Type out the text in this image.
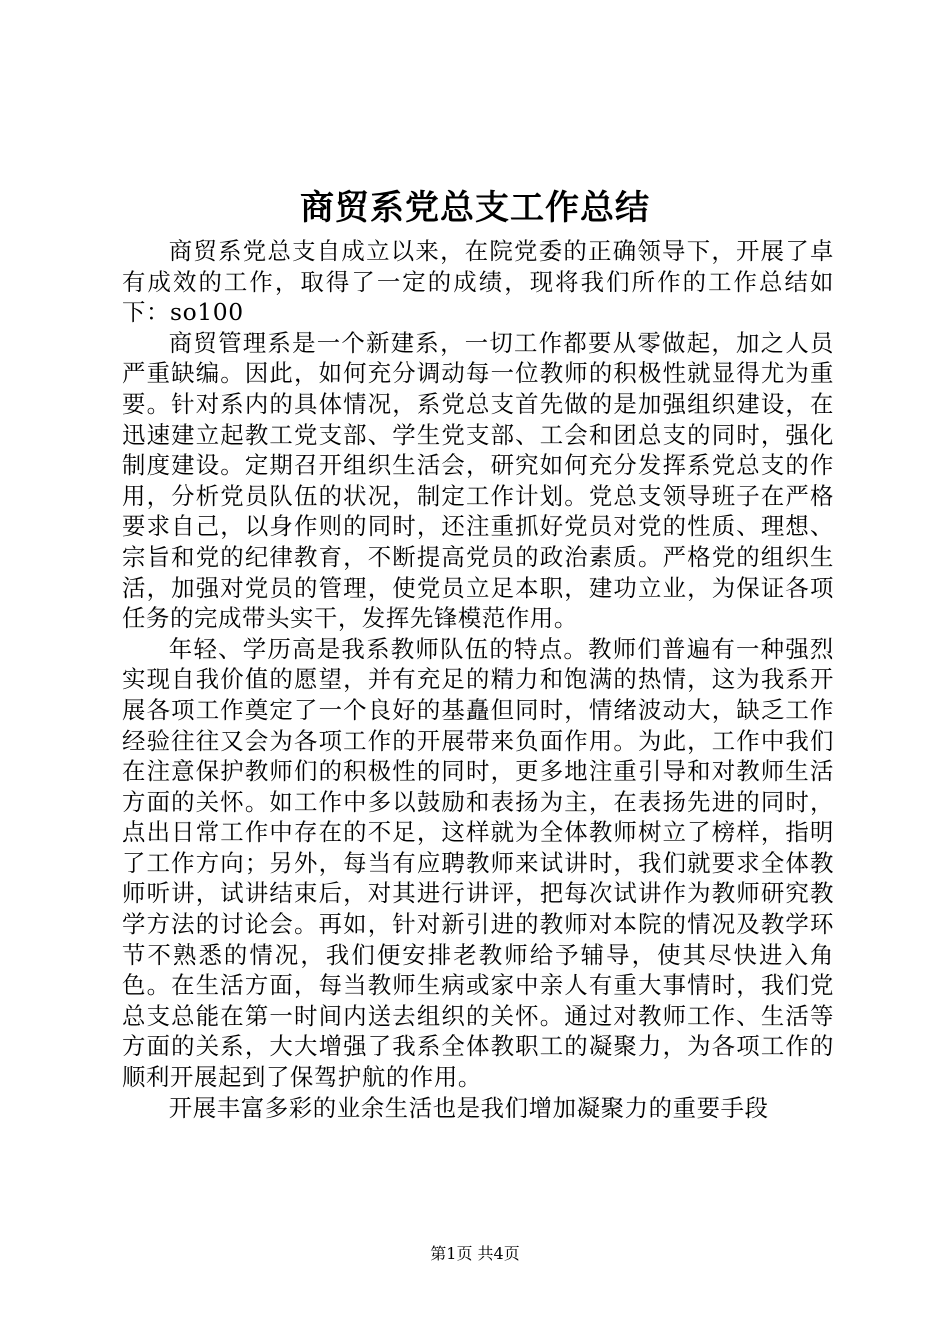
商贸系党总支工作总结

商贸系党总支自成立以来，在院党委的正确领导下，开展了卓有成效的工作，取得了一定的成绩，现将我们所作的工作总结如下：so100

商贸管理系是一个新建系，一切工作都要从零做起，加之人员严重缺编。因此，如何充分调动每一位教师的积极性就显得尤为重要。针对系内的具体情况，系党总支首先做的是加强组织建设，在迅速建立起教工党支部、学生党支部、工会和团总支的同时，强化制度建设。定期召开组织生活会，研究如何充分发挥系党总支的作用，分析党员队伍的状况，制定工作计划。党总支领导班子在严格要求自己，以身作则的同时，还注重抓好党员对党的性质、理想、宗旨和党的纪律教育，不断提高党员的政治素质。严格党的组织生活，加强对党员的管理，使党员立足本职，建功立业，为保证各项任务的完成带头实干，发挥先锋模范作用。

年轻、学历高是我系教师队伍的特点。教师们普遍有一种强烈实现自我价值的愿望，并有充足的精力和饱满的热情，这为我系开展各项工作奠定了一个良好的基矗但同时，情绪波动大，缺乏工作经验往往又会为各项工作的开展带来负面作用。为此，工作中我们在注意保护教师们的积极性的同时，更多地注重引导和对教师生活方面的关怀。如工作中多以鼓励和表扬为主，在表扬先进的同时，点出日常工作中存在的不足，这样就为全体教师树立了榜样，指明了工作方向；另外，每当有应聘教师来试讲时，我们就要求全体教师听讲，试讲结束后，对其进行讲评，把每次试讲作为教师研究教学方法的讨论会。再如，针对新引进的教师对本院的情况及教学环节不熟悉的情况，我们便安排老教师给予辅导，使其尽快进入角色。在生活方面，每当教师生病或家中亲人有重大事情时，我们党总支总能在第一时间内送去组织的关怀。通过对教师工作、生活等方面的关系，大大增强了我系全体教职工的凝聚力，为各项工作的顺利开展起到了保驾护航的作用。

开展丰富多彩的业余生活也是我们增加凝聚力的重要手段

第1页 共4页
